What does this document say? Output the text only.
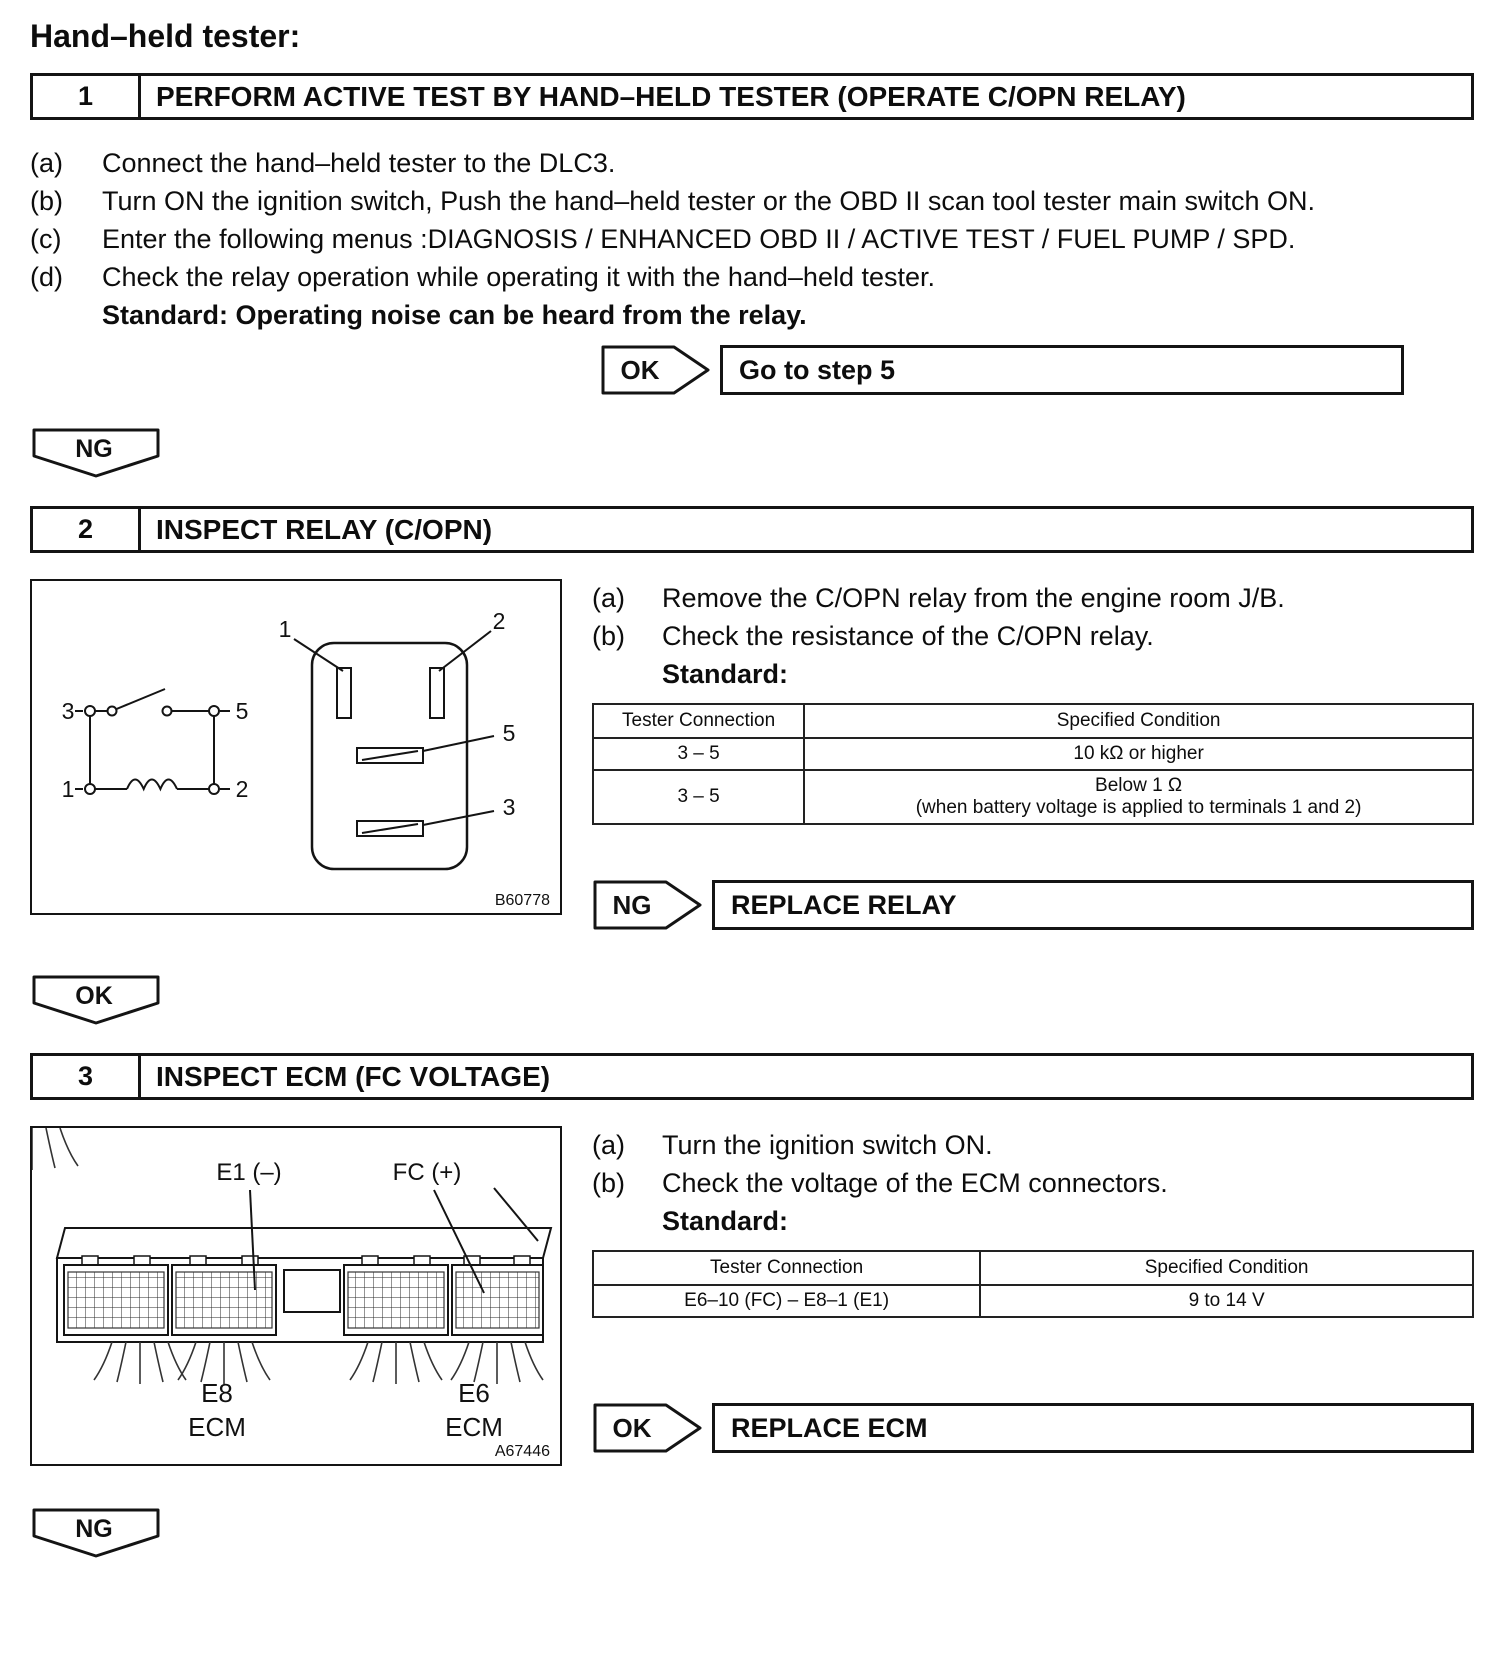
Hand–held tester:
1	PERFORM ACTIVE TEST BY HAND–HELD TESTER (OPERATE C/OPN RELAY)
(a)	Connect the hand–held tester to the DLC3.
(b)	Turn ON the ignition switch, Push the hand–held tester or the OBD II scan tool tester main switch ON.
(c)	Enter the following menus :DIAGNOSIS / ENHANCED OBD II / ACTIVE TEST / FUEL PUMP / SPD.
(d)	Check the relay operation while operating it with the hand–held tester.
Standard: Operating noise can be heard from the relay.
OK	Go to step 5
NG
2	INSPECT RELAY (C/OPN)
3	5
1	2
1	2
5
3
B60778
(a)	Remove the C/OPN relay from the engine room J/B.
(b)	Check the resistance of the C/OPN relay.
Standard:
Tester Connection	Specified Condition
3 – 5	10 kΩ or higher

3 – 5	Below 1 Ω
(when battery voltage is applied to terminals 1 and 2)
NG	REPLACE RELAY
OK
3	INSPECT ECM (FC VOLTAGE)
E1 (–)	FC (+)
E8
ECM
E6
ECM
A67446
(a)	Turn the ignition switch ON.
(b)	Check the voltage of the ECM connectors.
Standard:
Tester Connection	Specified Condition
E6–10 (FC) – E8–1 (E1)	9 to 14 V
OK	REPLACE ECM
NG
